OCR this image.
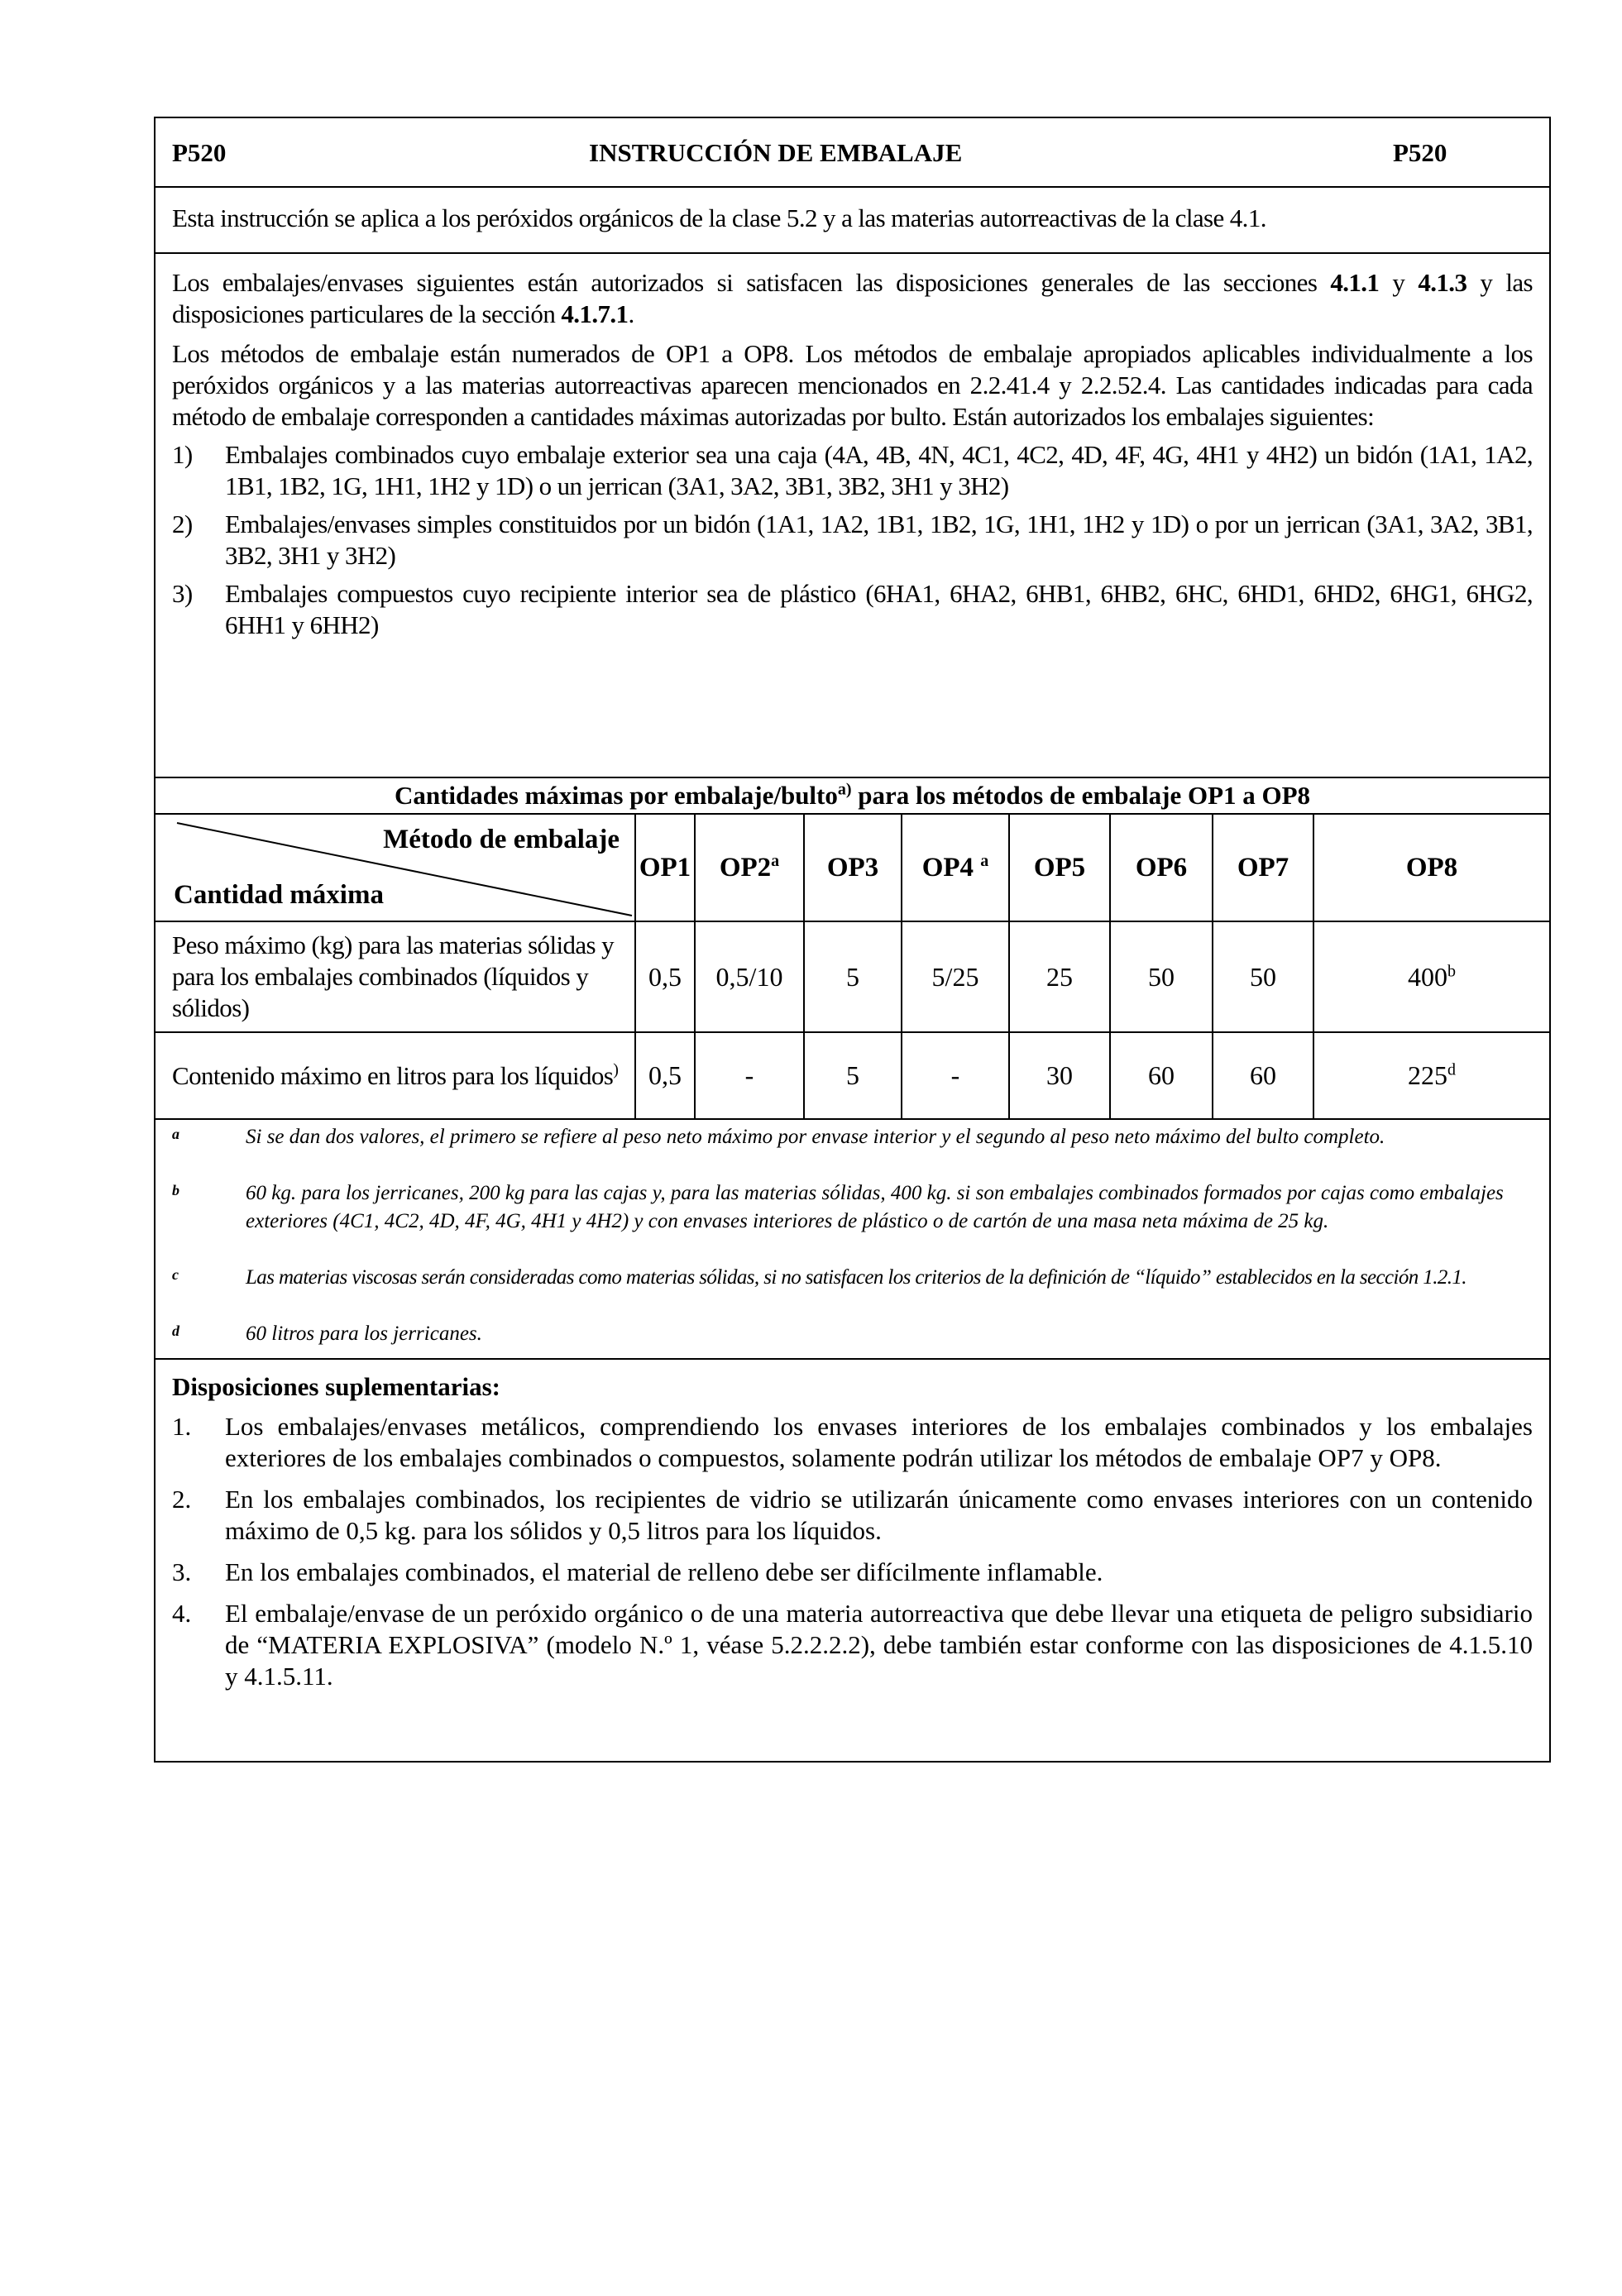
P520	INSTRUCCIÓN DE EMBALAJE	P520
Esta instrucción se aplica a los peróxidos orgánicos de la clase 5.2 y a las materias autorreactivas de la clase 4.1.
Los embalajes/envases siguientes están autorizados si satisfacen las disposiciones generales de las secciones 4.1.1 y 4.1.3 y las disposiciones particulares de la sección 4.1.7.1.
Los métodos de embalaje están numerados de OP1 a OP8. Los métodos de embalaje apropiados aplicables individualmente a los peróxidos orgánicos y a las materias autorreactivas aparecen mencionados en 2.2.41.4 y 2.2.52.4. Las cantidades indicadas para cada método de embalaje corresponden a cantidades máximas autorizadas por bulto. Están autorizados los embalajes siguientes:
1) Embalajes combinados cuyo embalaje exterior sea una caja (4A, 4B, 4N, 4C1, 4C2, 4D, 4F, 4G, 4H1 y 4H2) un bidón (1A1, 1A2, 1B1, 1B2, 1G, 1H1, 1H2 y 1D) o un jerrican (3A1, 3A2, 3B1, 3B2, 3H1 y 3H2)
2) Embalajes/envases simples constituidos por un bidón (1A1, 1A2, 1B1, 1B2, 1G, 1H1, 1H2 y 1D) o por un jerrican (3A1, 3A2, 3B1, 3B2, 3H1 y 3H2)
3) Embalajes compuestos cuyo recipiente interior sea de plástico (6HA1, 6HA2, 6HB1, 6HB2, 6HC, 6HD1, 6HD2, 6HG1, 6HG2, 6HH1 y 6HH2)
Cantidades máximas por embalaje/bulto$^{a)}$ para los métodos de embalaje OP1 a OP8								

Método de embalaje
Cantidad máxima	OP1	OP2$^a$	OP3	OP4 $^a$	OP5	OP6	OP7	OP8
Peso máximo (kg) para las materias sólidas y para los embalajes combinados (líquidos y sólidos)	0,5	0,5/10	5	5/25	25	50	50	400$^b$
Contenido máximo en litros para los líquidos)	0,5	-	5	-	30	60	60	225$^d$
a	Si se dan dos valores, el primero se refiere al peso neto máximo por envase interior y el segundo al peso neto máximo del bulto completo.
b	60 kg. para los jerricanes, 200 kg para las cajas y, para las materias sólidas, 400 kg. si son embalajes combinados formados por cajas como embalajes exteriores (4C1, 4C2, 4D, 4F, 4G, 4H1 y 4H2) y con envases interiores de plástico o de cartón de una masa neta máxima de 25 kg.
c	Las materias viscosas serán consideradas como materias sólidas, si no satisfacen los criterios de la definición de “líquido” establecidos en la sección 1.2.1.
d	60 litros para los jerricanes.
Disposiciones suplementarias:
1. Los embalajes/envases metálicos, comprendiendo los envases interiores de los embalajes combinados y los embalajes exteriores de los embalajes combinados o compuestos, solamente podrán utilizar los métodos de embalaje OP7 y OP8.
2. En los embalajes combinados, los recipientes de vidrio se utilizarán únicamente como envases interiores con un contenido máximo de 0,5 kg. para los sólidos y 0,5 litros para los líquidos.
3. En los embalajes combinados, el material de relleno debe ser difícilmente inflamable.
4. El embalaje/envase de un peróxido orgánico o de una materia autorreactiva que debe llevar una etiqueta de peligro subsidiario de “MATERIA EXPLOSIVA” (modelo N.º 1, véase 5.2.2.2.2), debe también estar conforme con las disposiciones de 4.1.5.10 y 4.1.5.11.
